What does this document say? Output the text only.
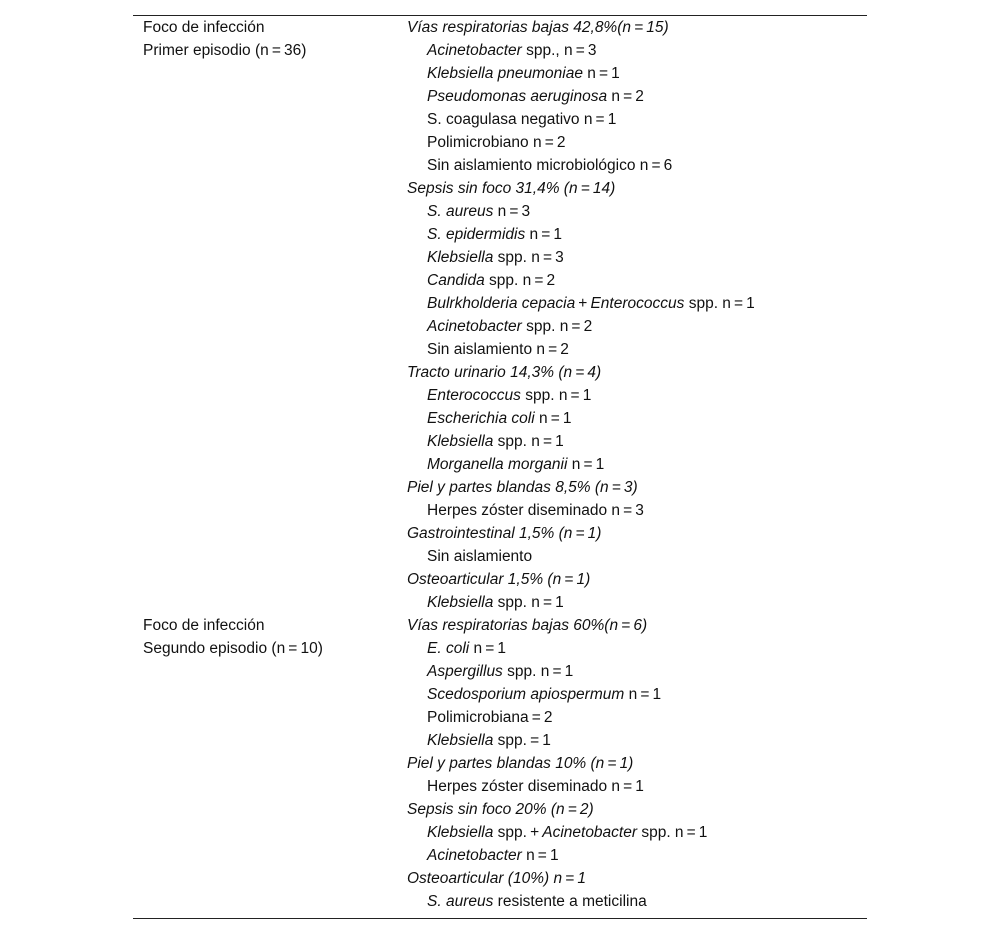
Foco de infección
Primer episodio (n = 36)
Vías respiratorias bajas 42,8%(n = 15)
Acinetobacter spp., n = 3
Klebsiella pneumoniae n = 1
Pseudomonas aeruginosa n = 2
S. coagulasa negativo n = 1
Polimicrobiano n = 2
Sin aislamiento microbiológico n = 6
Sepsis sin foco 31,4% (n = 14)
S. aureus n = 3
S. epidermidis n = 1
Klebsiella spp. n = 3
Candida spp. n = 2
Bulrkholderia cepacia + Enterococcus spp. n = 1
Acinetobacter spp. n = 2
Sin aislamiento n = 2
Tracto urinario 14,3% (n = 4)
Enterococcus spp. n = 1
Escherichia coli n = 1
Klebsiella spp. n = 1
Morganella morganii n = 1
Piel y partes blandas 8,5% (n = 3)
Herpes zóster diseminado n = 3
Gastrointestinal 1,5% (n = 1)
Sin aislamiento
Osteoarticular 1,5% (n = 1)
Klebsiella spp. n = 1
Foco de infección
Segundo episodio (n = 10)
Vías respiratorias bajas 60%(n = 6)
E. coli n = 1
Aspergillus spp. n = 1
Scedosporium apiospermum n = 1
Polimicrobiana = 2
Klebsiella spp. = 1
Piel y partes blandas 10% (n = 1)
Herpes zóster diseminado n = 1
Sepsis sin foco 20% (n = 2)
Klebsiella spp. + Acinetobacter spp. n = 1
Acinetobacter n = 1
Osteoarticular (10%) n = 1
S. aureus resistente a meticilina
